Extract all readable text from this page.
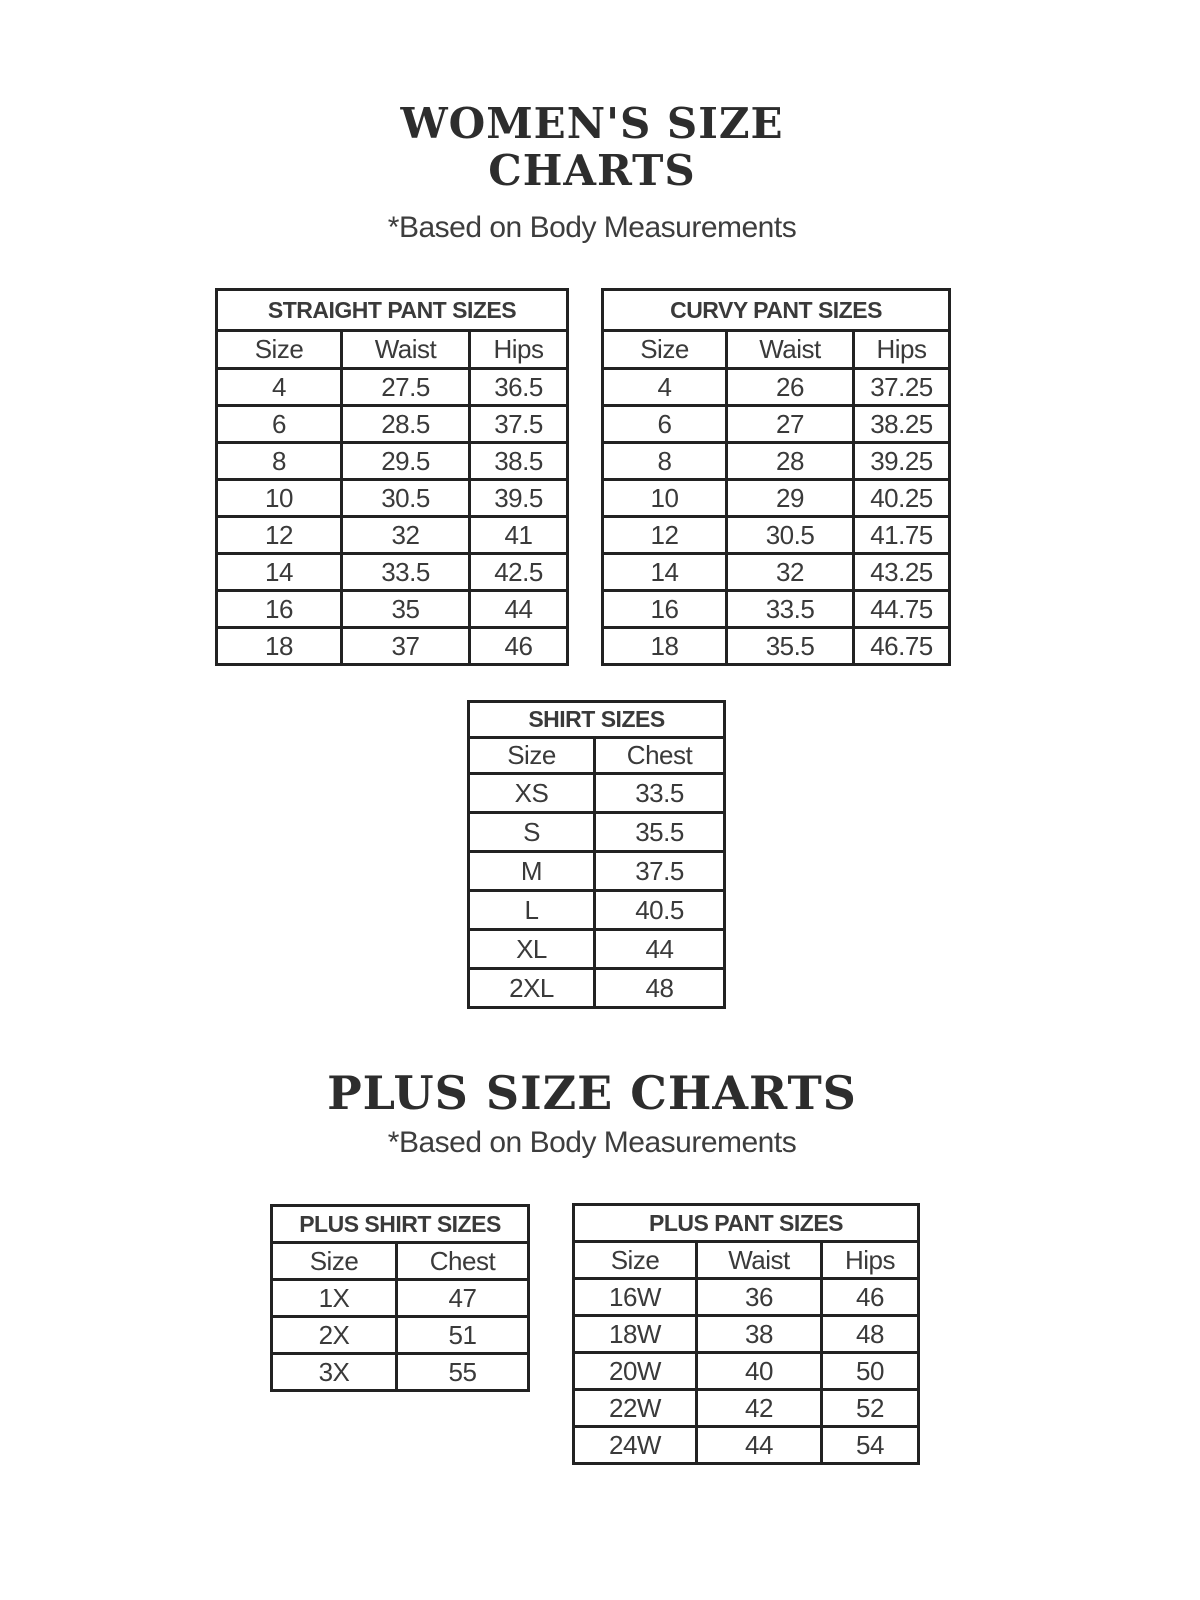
WOMEN'S SIZE
CHARTS
*Based on Body Measurements
STRAIGHT PANT SIZES		
Size	Waist	Hips
4	27.5	36.5
6	28.5	37.5
8	29.5	38.5
10	30.5	39.5
12	32	41
14	33.5	42.5
16	35	44
18	37	46
CURVY PANT SIZES		
Size	Waist	Hips
4	26	37.25
6	27	38.25
8	28	39.25
10	29	40.25
12	30.5	41.75
14	32	43.25
16	33.5	44.75
18	35.5	46.75
SHIRT SIZES	
Size	Chest
XS	33.5
S	35.5
M	37.5
L	40.5
XL	44
2XL	48
PLUS SIZE CHARTS
*Based on Body Measurements
PLUS SHIRT SIZES	
Size	Chest
1X	47
2X	51
3X	55
PLUS PANT SIZES		
Size	Waist	Hips
16W	36	46
18W	38	48
20W	40	50
22W	42	52
24W	44	54
